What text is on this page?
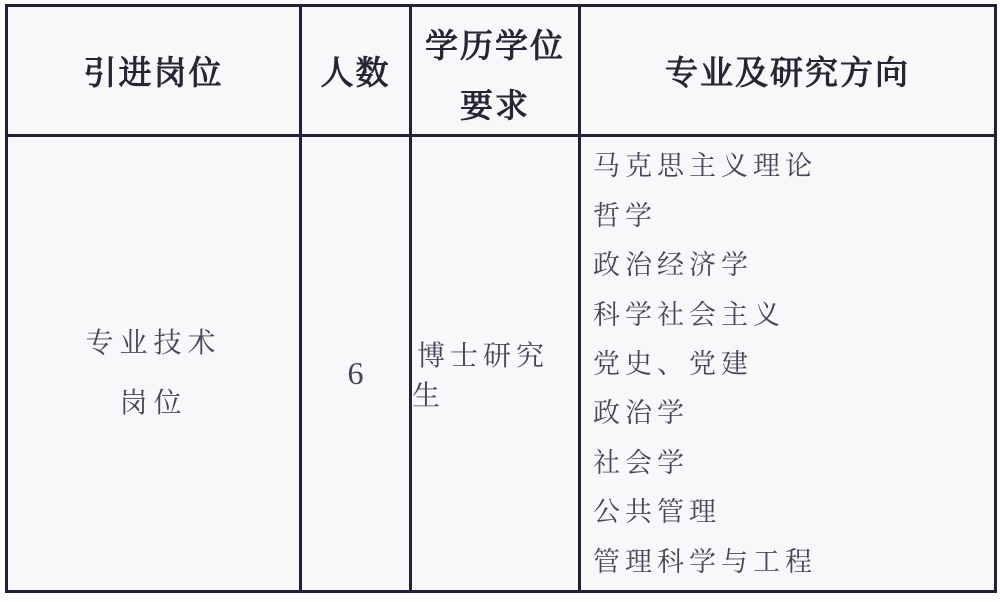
引进岗位	人数
学历学位
要求
专业及研究方向
专业技术
岗位
6 博士研究生
马克思主义理论
哲学
政治经济学
科学社会主义
党史、党建
政治学
社会学
公共管理
管理科学与工程
